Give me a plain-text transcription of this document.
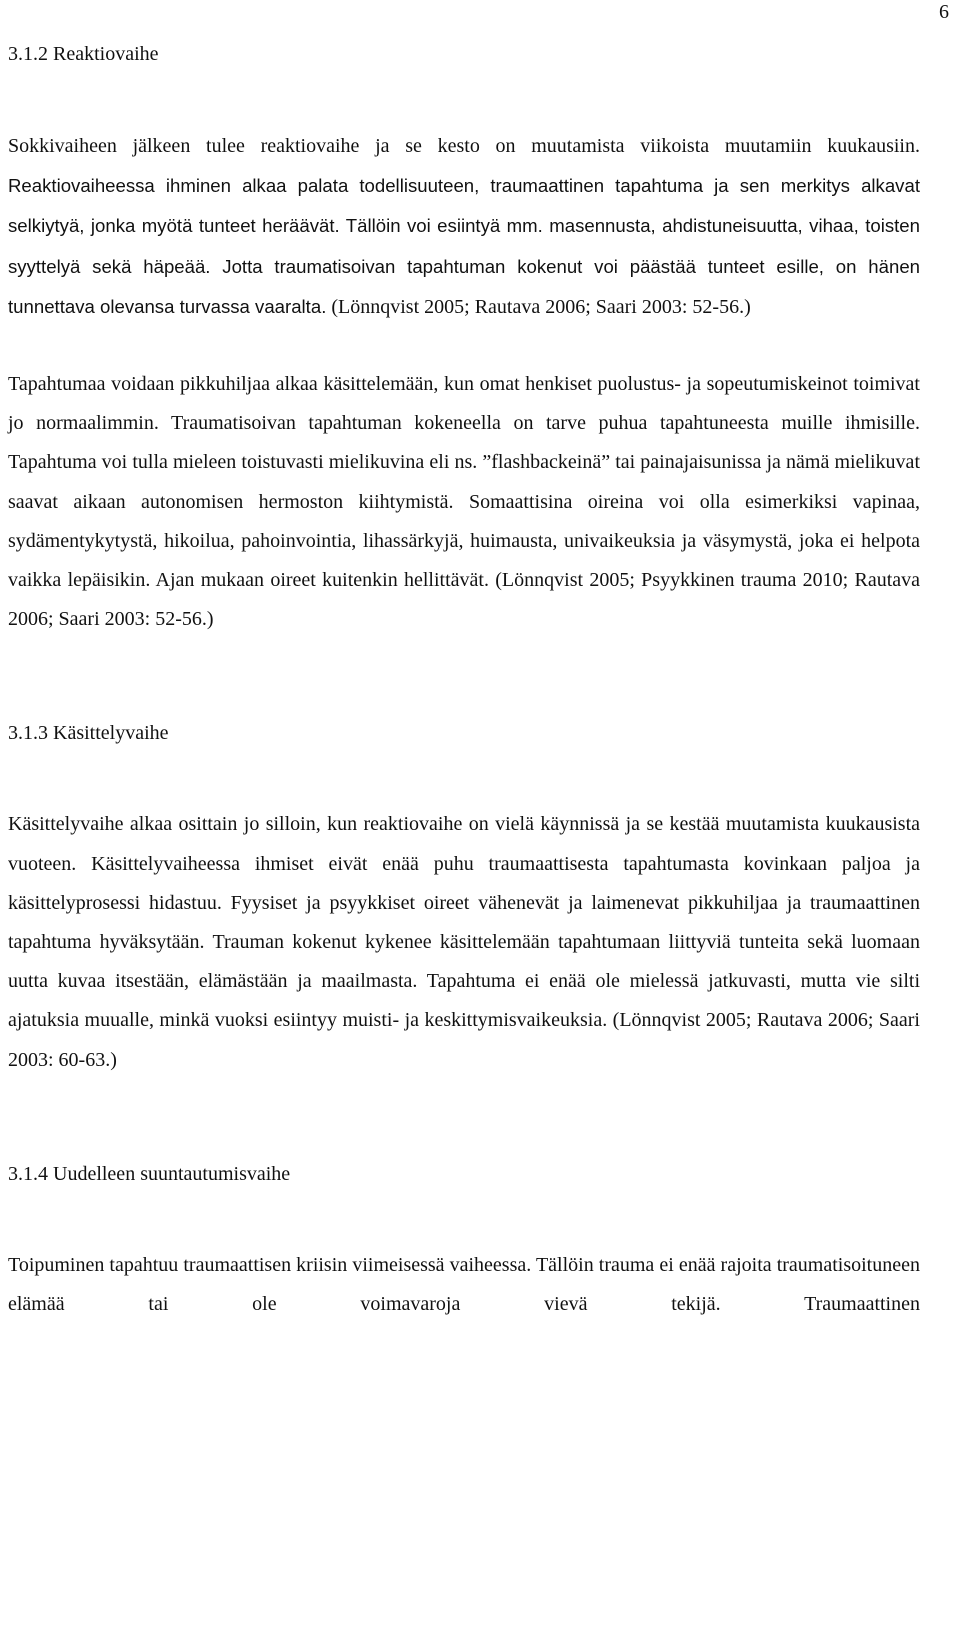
6
3.1.2 Reaktiovaihe

Sokkivaiheen jälkeen tulee reaktiovaihe ja se kesto on muutamista viikoista muutamiin kuukausiin. Reaktiovaiheessa ihminen alkaa palata todellisuuteen, traumaattinen tapahtuma ja sen merkitys alkavat selkiytyä, jonka myötä tunteet heräävät. Tällöin voi esiintyä mm. masennusta, ahdistuneisuutta, vihaa, toisten syyttelyä sekä häpeää. Jotta traumatisoivan tapahtuman kokenut voi päästää tunteet esille, on hänen tunnettava olevansa turvassa vaaralta. (Lönnqvist 2005; Rautava 2006; Saari 2003: 52-56.)

Tapahtumaa voidaan pikkuhiljaa alkaa käsittelemään, kun omat henkiset puolustus- ja sopeutumiskeinot toimivat jo normaalimmin. Traumatisoivan tapahtuman kokeneella on tarve puhua tapahtuneesta muille ihmisille. Tapahtuma voi tulla mieleen toistuvasti mielikuvina eli ns. ”flashbackeinä” tai painajaisunissa ja nämä mielikuvat saavat aikaan autonomisen hermoston kiihtymistä. Somaattisina oireina voi olla esimerkiksi vapinaa, sydämentykytystä, hikoilua, pahoinvointia, lihassärkyjä, huimausta, univaikeuksia ja väsymystä, joka ei helpota vaikka lepäisikin. Ajan mukaan oireet kuitenkin hellittävät. (Lönnqvist 2005; Psyykkinen trauma 2010; Rautava 2006; Saari 2003: 52-56.)

3.1.3 Käsittelyvaihe

Käsittelyvaihe alkaa osittain jo silloin, kun reaktiovaihe on vielä käynnissä ja se kestää muutamista kuukausista vuoteen. Käsittelyvaiheessa ihmiset eivät enää puhu traumaattisesta tapahtumasta kovinkaan paljoa ja käsittelyprosessi hidastuu. Fyysiset ja psyykkiset oireet vähenevät ja laimenevat pikkuhiljaa ja traumaattinen tapahtuma hyväksytään. Trauman kokenut kykenee käsittelemään tapahtumaan liittyviä tunteita sekä luomaan uutta kuvaa itsestään, elämästään ja maailmasta. Tapahtuma ei enää ole mielessä jatkuvasti, mutta vie silti ajatuksia muualle, minkä vuoksi esiintyy muisti- ja keskittymisvaikeuksia. (Lönnqvist 2005; Rautava 2006; Saari 2003: 60-63.)

3.1.4 Uudelleen suuntautumisvaihe

Toipuminen tapahtuu traumaattisen kriisin viimeisessä vaiheessa. Tällöin trauma ei enää rajoita traumatisoituneen elämää tai ole voimavaroja vievä tekijä. Traumaattinen
